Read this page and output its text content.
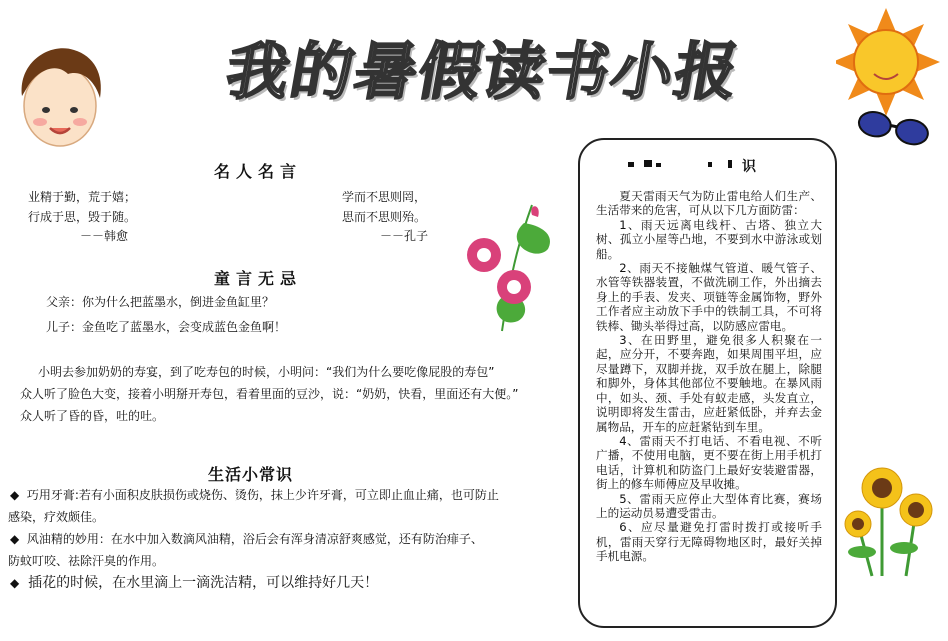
我的暑假读书小报
名人名言
业精于勤，荒于嬉；
行成于思，毁于随。
－－韩愈
学而不思则罔，
思而不思则殆。
－－孔子
童言无忌
父亲：你为什么把蓝墨水，倒进金鱼缸里？
儿子：金鱼吃了蓝墨水，会变成蓝色金鱼啊！
小明去参加奶奶的寿宴，到了吃寿包的时候，小明问：“我们为什么要吃像屁股的寿包”
众人听了脸色大变，接着小明掰开寿包，看着里面的豆沙，说：“奶奶，快看，里面还有大便。”
众人听了昏的昏，吐的吐。
生活小常识
◆ 巧用牙膏:若有小面积皮肤损伤或烧伤、烫伤，抹上少许牙膏，可立即止血止痛，也可防止
感染，疗效颇佳。
◆ 风油精的妙用：在水中加入数滴风油精，浴后会有浑身清凉舒爽感觉，还有防治痱子、
防蚊叮咬、祛除汗臭的作用。
◆ 插花的时候，在水里滴上一滴洗洁精，可以维持好几天！
识

夏天雷雨天气为防止雷电给人们生产、生活带来的危害，可从以下几方面防雷：

1、雨天远离电线杆、古塔、独立大树、孤立小屋等凸地，不要到水中游泳或划船。

2、雨天不接触煤气管道、暖气管子、水管等铁器装置，不做洗刷工作，外出摘去身上的手表、发夹、项链等金属饰物，野外工作者应主动放下手中的铁制工具，不可将铁棒、锄头举得过高，以防感应雷电。

3、在田野里，避免很多人积聚在一起，应分开，不要奔跑，如果周围平坦，应尽量蹲下，双脚并拢，双手放在腿上，除腿和脚外，身体其他部位不要触地。在暴风雨中，如头、颈、手处有蚁走感，头发直立，说明即将发生雷击，应赶紧低卧，并弃去金属物品，开车的应赶紧钻到车里。

4、雷雨天不打电话、不看电视、不听广播，不使用电脑，更不要在街上用手机打电话，计算机和防盗门上最好安装避雷器，街上的修车师傅应及早收摊。

5、雷雨天应停止大型体育比赛，赛场上的运动员易遭受雷击。

6、应尽量避免打雷时拨打或接听手机，雷雨天穿行无障碍物地区时，最好关掉手机电源。
